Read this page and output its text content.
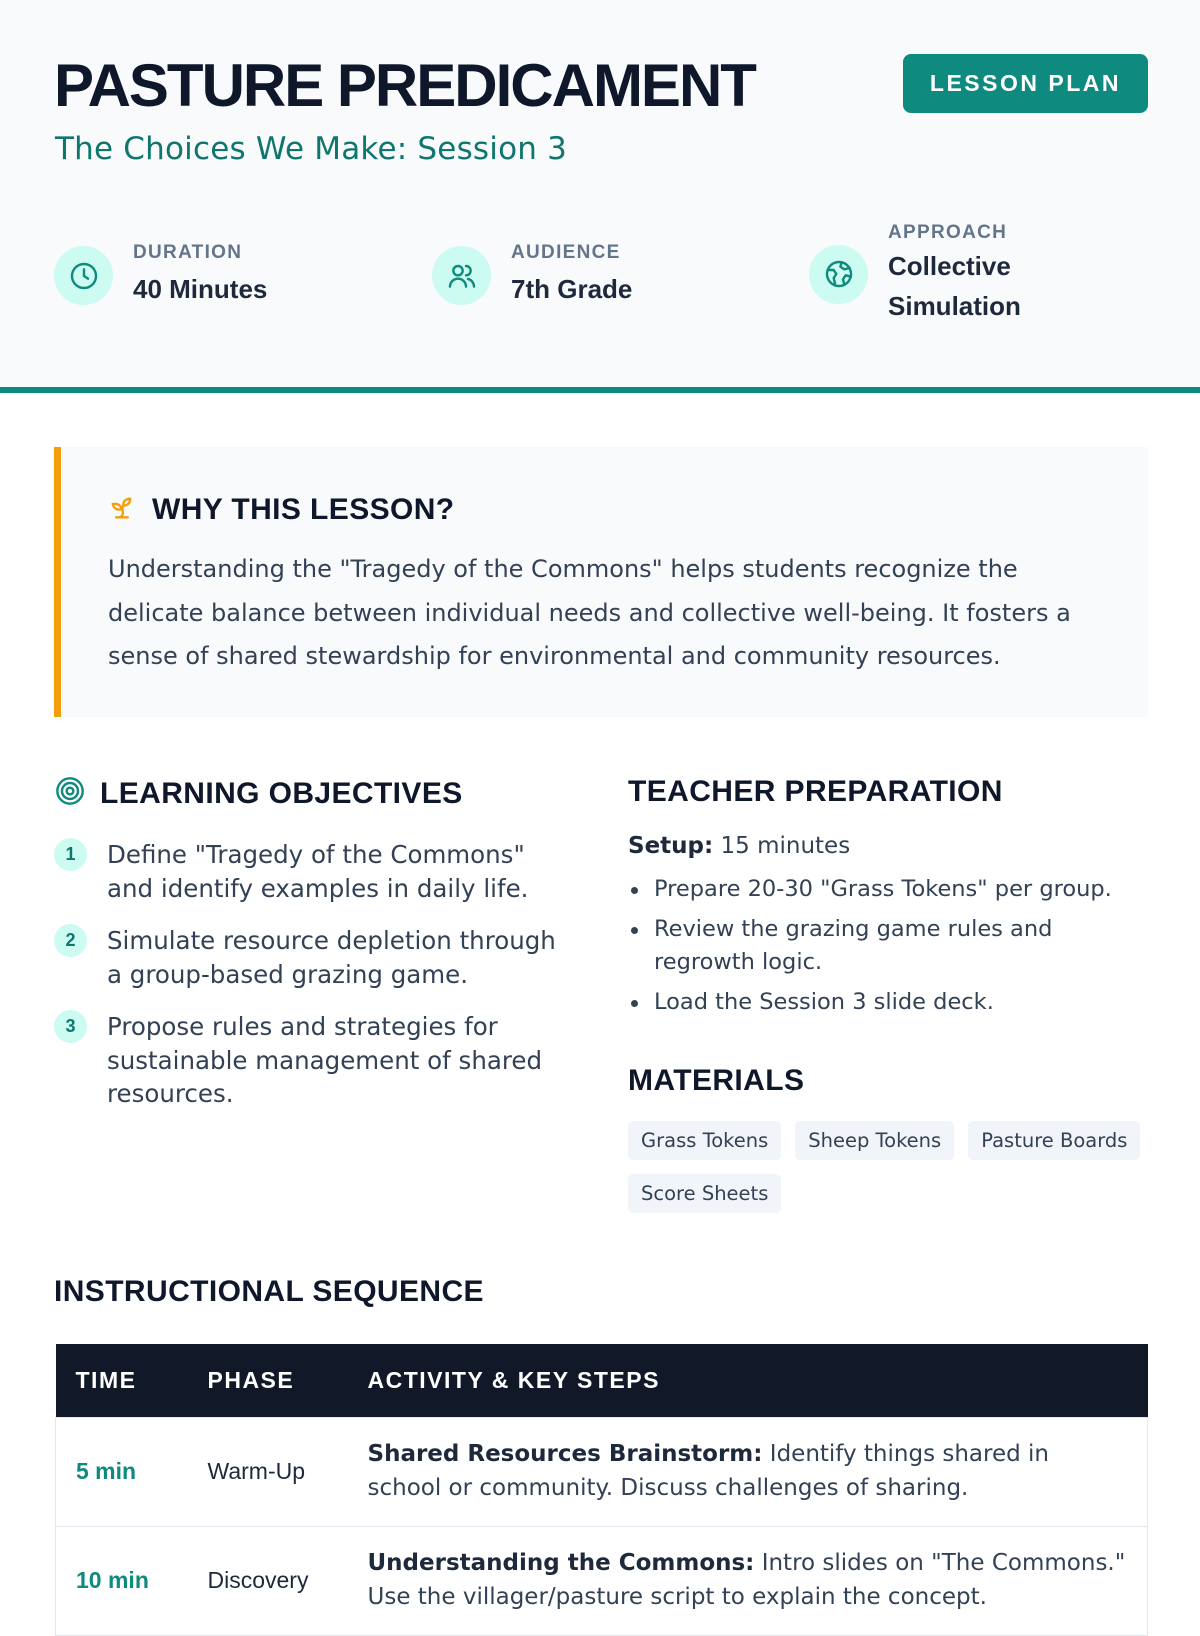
PASTURE PREDICAMENT
The Choices We Make: Session 3
LESSON PLAN
DURATION
40 Minutes
AUDIENCE
7th Grade
APPROACH
Collective Simulation
WHY THIS LESSON?

Understanding the "Tragedy of the Commons" helps students recognize the delicate balance between individual needs and collective well-being. It fosters a sense of shared stewardship for environmental and community resources.

LEARNING OBJECTIVES
1	Define "Tragedy of the Commons" and identify examples in daily life.
2	Simulate resource depletion through a group-based grazing game.
3	Propose rules and strategies for sustainable management of shared resources.
TEACHER PREPARATION
Setup: 15 minutes
Prepare 20-30 "Grass Tokens" per group.
Review the grazing game rules and regrowth logic.
Load the Session 3 slide deck.
MATERIALS
Grass Tokens	Sheep Tokens	Pasture Boards
Score Sheets
INSTRUCTIONAL SEQUENCE
TIME	PHASE	ACTIVITY & KEY STEPS
5 min	Warm-Up	Shared Resources Brainstorm: Identify things shared in school or community. Discuss challenges of sharing.
10 min	Discovery	Understanding the Commons: Intro slides on "The Commons." Use the villager/pasture script to explain the concept.
